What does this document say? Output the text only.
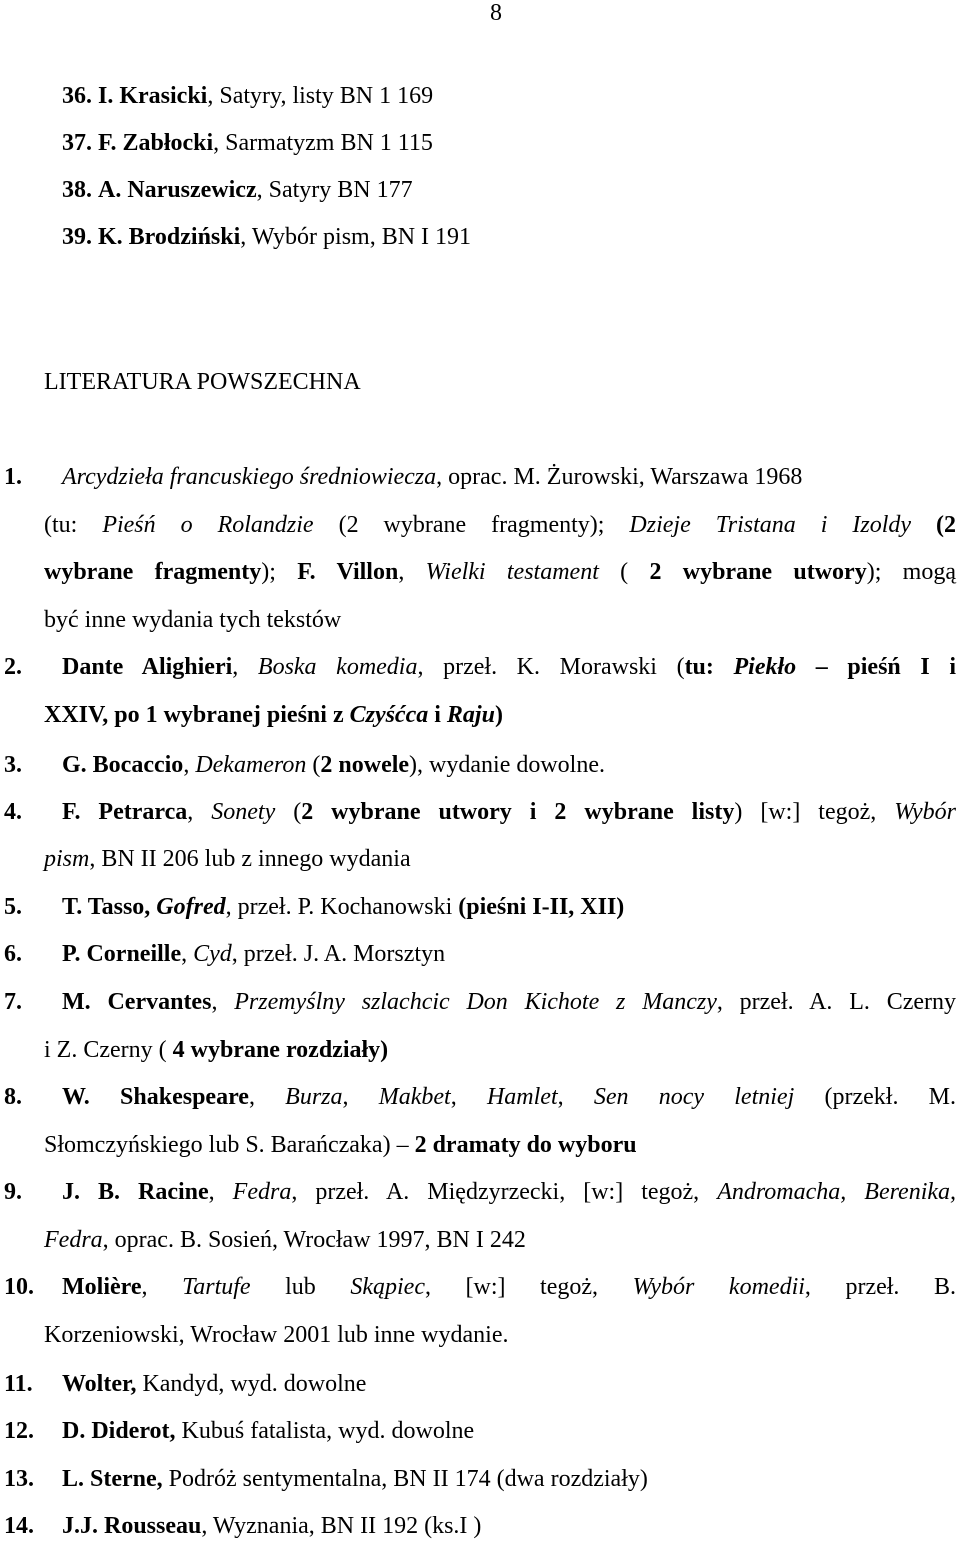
8
36. I. Krasicki, Satyry, listy BN 1 169
37. F. Zabłocki, Sarmatyzm BN 1 115
38. A. Naruszewicz, Satyry BN 177
39. K. Brodziński, Wybór pism, BN I 191
LITERATURA POWSZECHNA
1. Arcydzieła francuskiego średniowiecza, oprac. M. Żurowski, Warszawa 1968
(tu: Pieśń o Rolandzie (2 wybrane fragmenty); Dzieje Tristana i Izoldy (2
wybrane fragmenty); F. Villon, Wielki testament ( 2 wybrane utwory); mogą
być inne wydania tych tekstów
2. Dante Alighieri, Boska komedia, przeł. K. Morawski (tu: Piekło – pieśń I i
XXIV, po 1 wybranej pieśni z Czyśćca i Raju)
3. G. Bocaccio, Dekameron (2 nowele), wydanie dowolne.
4. F. Petrarca, Sonety (2 wybrane utwory i 2 wybrane listy) [w:] tegoż, Wybór
pism, BN II 206 lub z innego wydania
5. T. Tasso, Gofred, przeł. P. Kochanowski (pieśni I-II, XII)
6. P. Corneille, Cyd, przeł. J. A. Morsztyn
7. M. Cervantes, Przemyślny szlachcic Don Kichote z Manczy, przeł. A. L. Czerny
i Z. Czerny ( 4 wybrane rozdziały)
8. W. Shakespeare, Burza, Makbet, Hamlet, Sen nocy letniej (przekł. M.
Słomczyńskiego lub S. Barańczaka) – 2 dramaty do wyboru
9. J. B. Racine, Fedra, przeł. A. Międzyrzecki, [w:] tegoż, Andromacha, Berenika,
Fedra, oprac. B. Sosień, Wrocław 1997, BN I 242
10. Molière, Tartufe lub Skąpiec, [w:] tegoż, Wybór komedii, przeł. B.
Korzeniowski, Wrocław 2001 lub inne wydanie.
11. Wolter, Kandyd, wyd. dowolne
12. D. Diderot, Kubuś fatalista, wyd. dowolne
13. L. Sterne, Podróż sentymentalna, BN II 174 (dwa rozdziały)
14. J.J. Rousseau, Wyznania, BN II 192 (ks.I )
